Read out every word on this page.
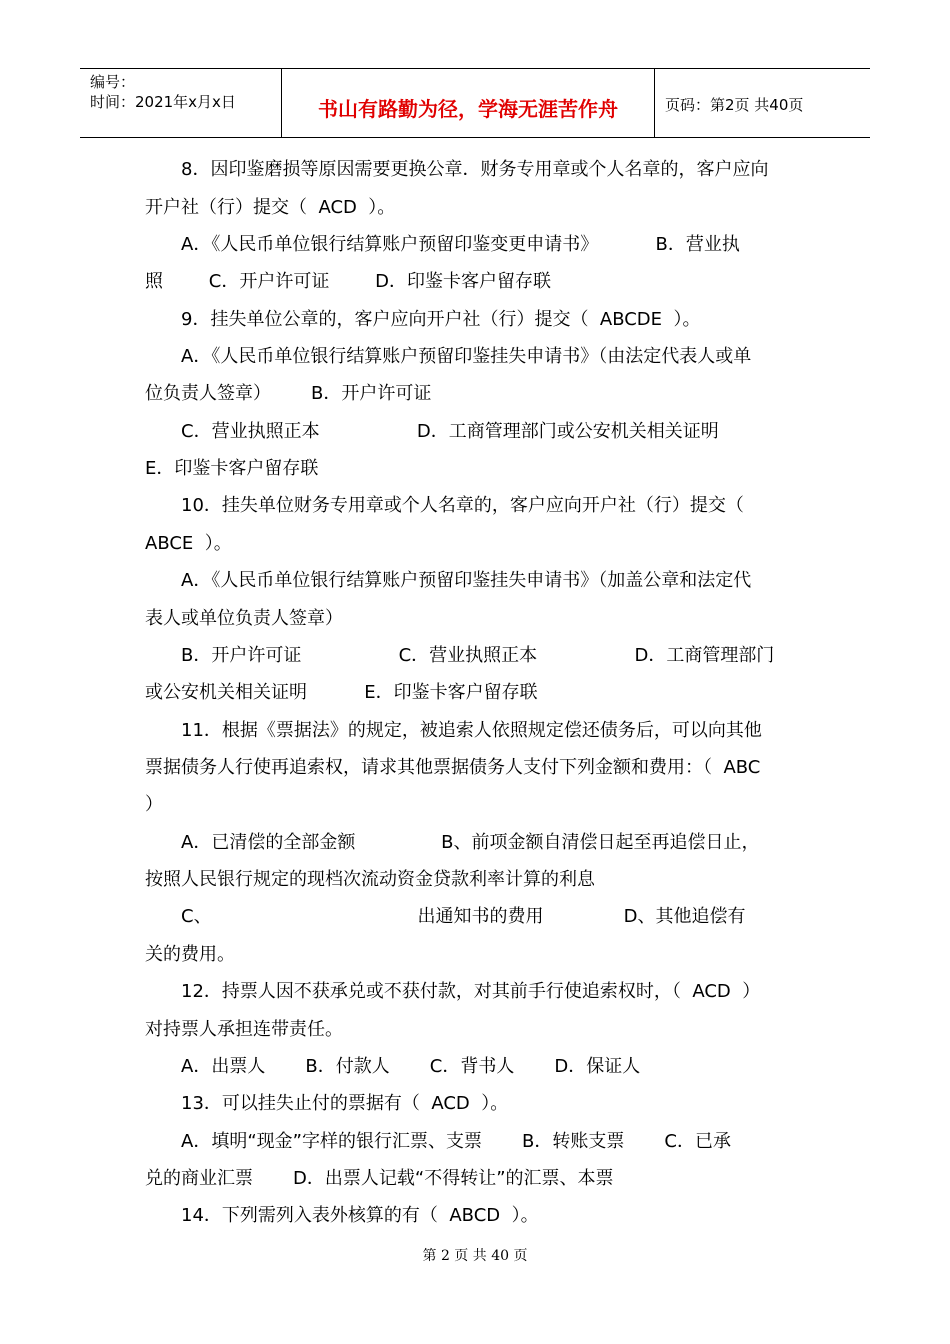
编号：
时间：2021年x月x日	书山有路勤为径，学海无涯苦作舟	页码：第2页 共40页
8．因印鉴磨损等原因需要更换公章．财务专用章或个人名章的，客户应向
开户社（行）提交（  ACD  ）。
A．《人民币单位银行结算账户预留印鉴变更申请书》          B．营业执
照        C．开户许可证        D．印鉴卡客户留存联
9．挂失单位公章的，客户应向开户社（行）提交（  ABCDE  ）。
A．《人民币单位银行结算账户预留印鉴挂失申请书》（由法定代表人或单
位负责人签章）       B．开户许可证
C．营业执照正本                 D．工商管理部门或公安机关相关证明
E．印鉴卡客户留存联
10．挂失单位财务专用章或个人名章的，客户应向开户社（行）提交（
ABCE  ）。
A．《人民币单位银行结算账户预留印鉴挂失申请书》（加盖公章和法定代
表人或单位负责人签章）
B．开户许可证                 C．营业执照正本                 D．工商管理部门
或公安机关相关证明          E．印鉴卡客户留存联
11．根据《票据法》的规定，被追索人依照规定偿还债务后，可以向其他
票据债务人行使再追索权，请求其他票据债务人支付下列金额和费用：（  ABC
）
A．已清偿的全部金额               B、前项金额自清偿日起至再追偿日止，
按照人民银行规定的现档次流动资金贷款利率计算的利息
C、                                    出通知书的费用              D、其他追偿有
关的费用。
12．持票人因不获承兑或不获付款，对其前手行使追索权时，（  ACD  ）
对持票人承担连带责任。
A．出票人       B．付款人       C．背书人       D．保证人
13．可以挂失止付的票据有（  ACD  ）。
A．填明“现金”字样的银行汇票、支票       B．转账支票       C．已承
兑的商业汇票       D．出票人记载“不得转让”的汇票、本票
14．下列需列入表外核算的有（  ABCD  ）。
第 2 页 共 40 页
